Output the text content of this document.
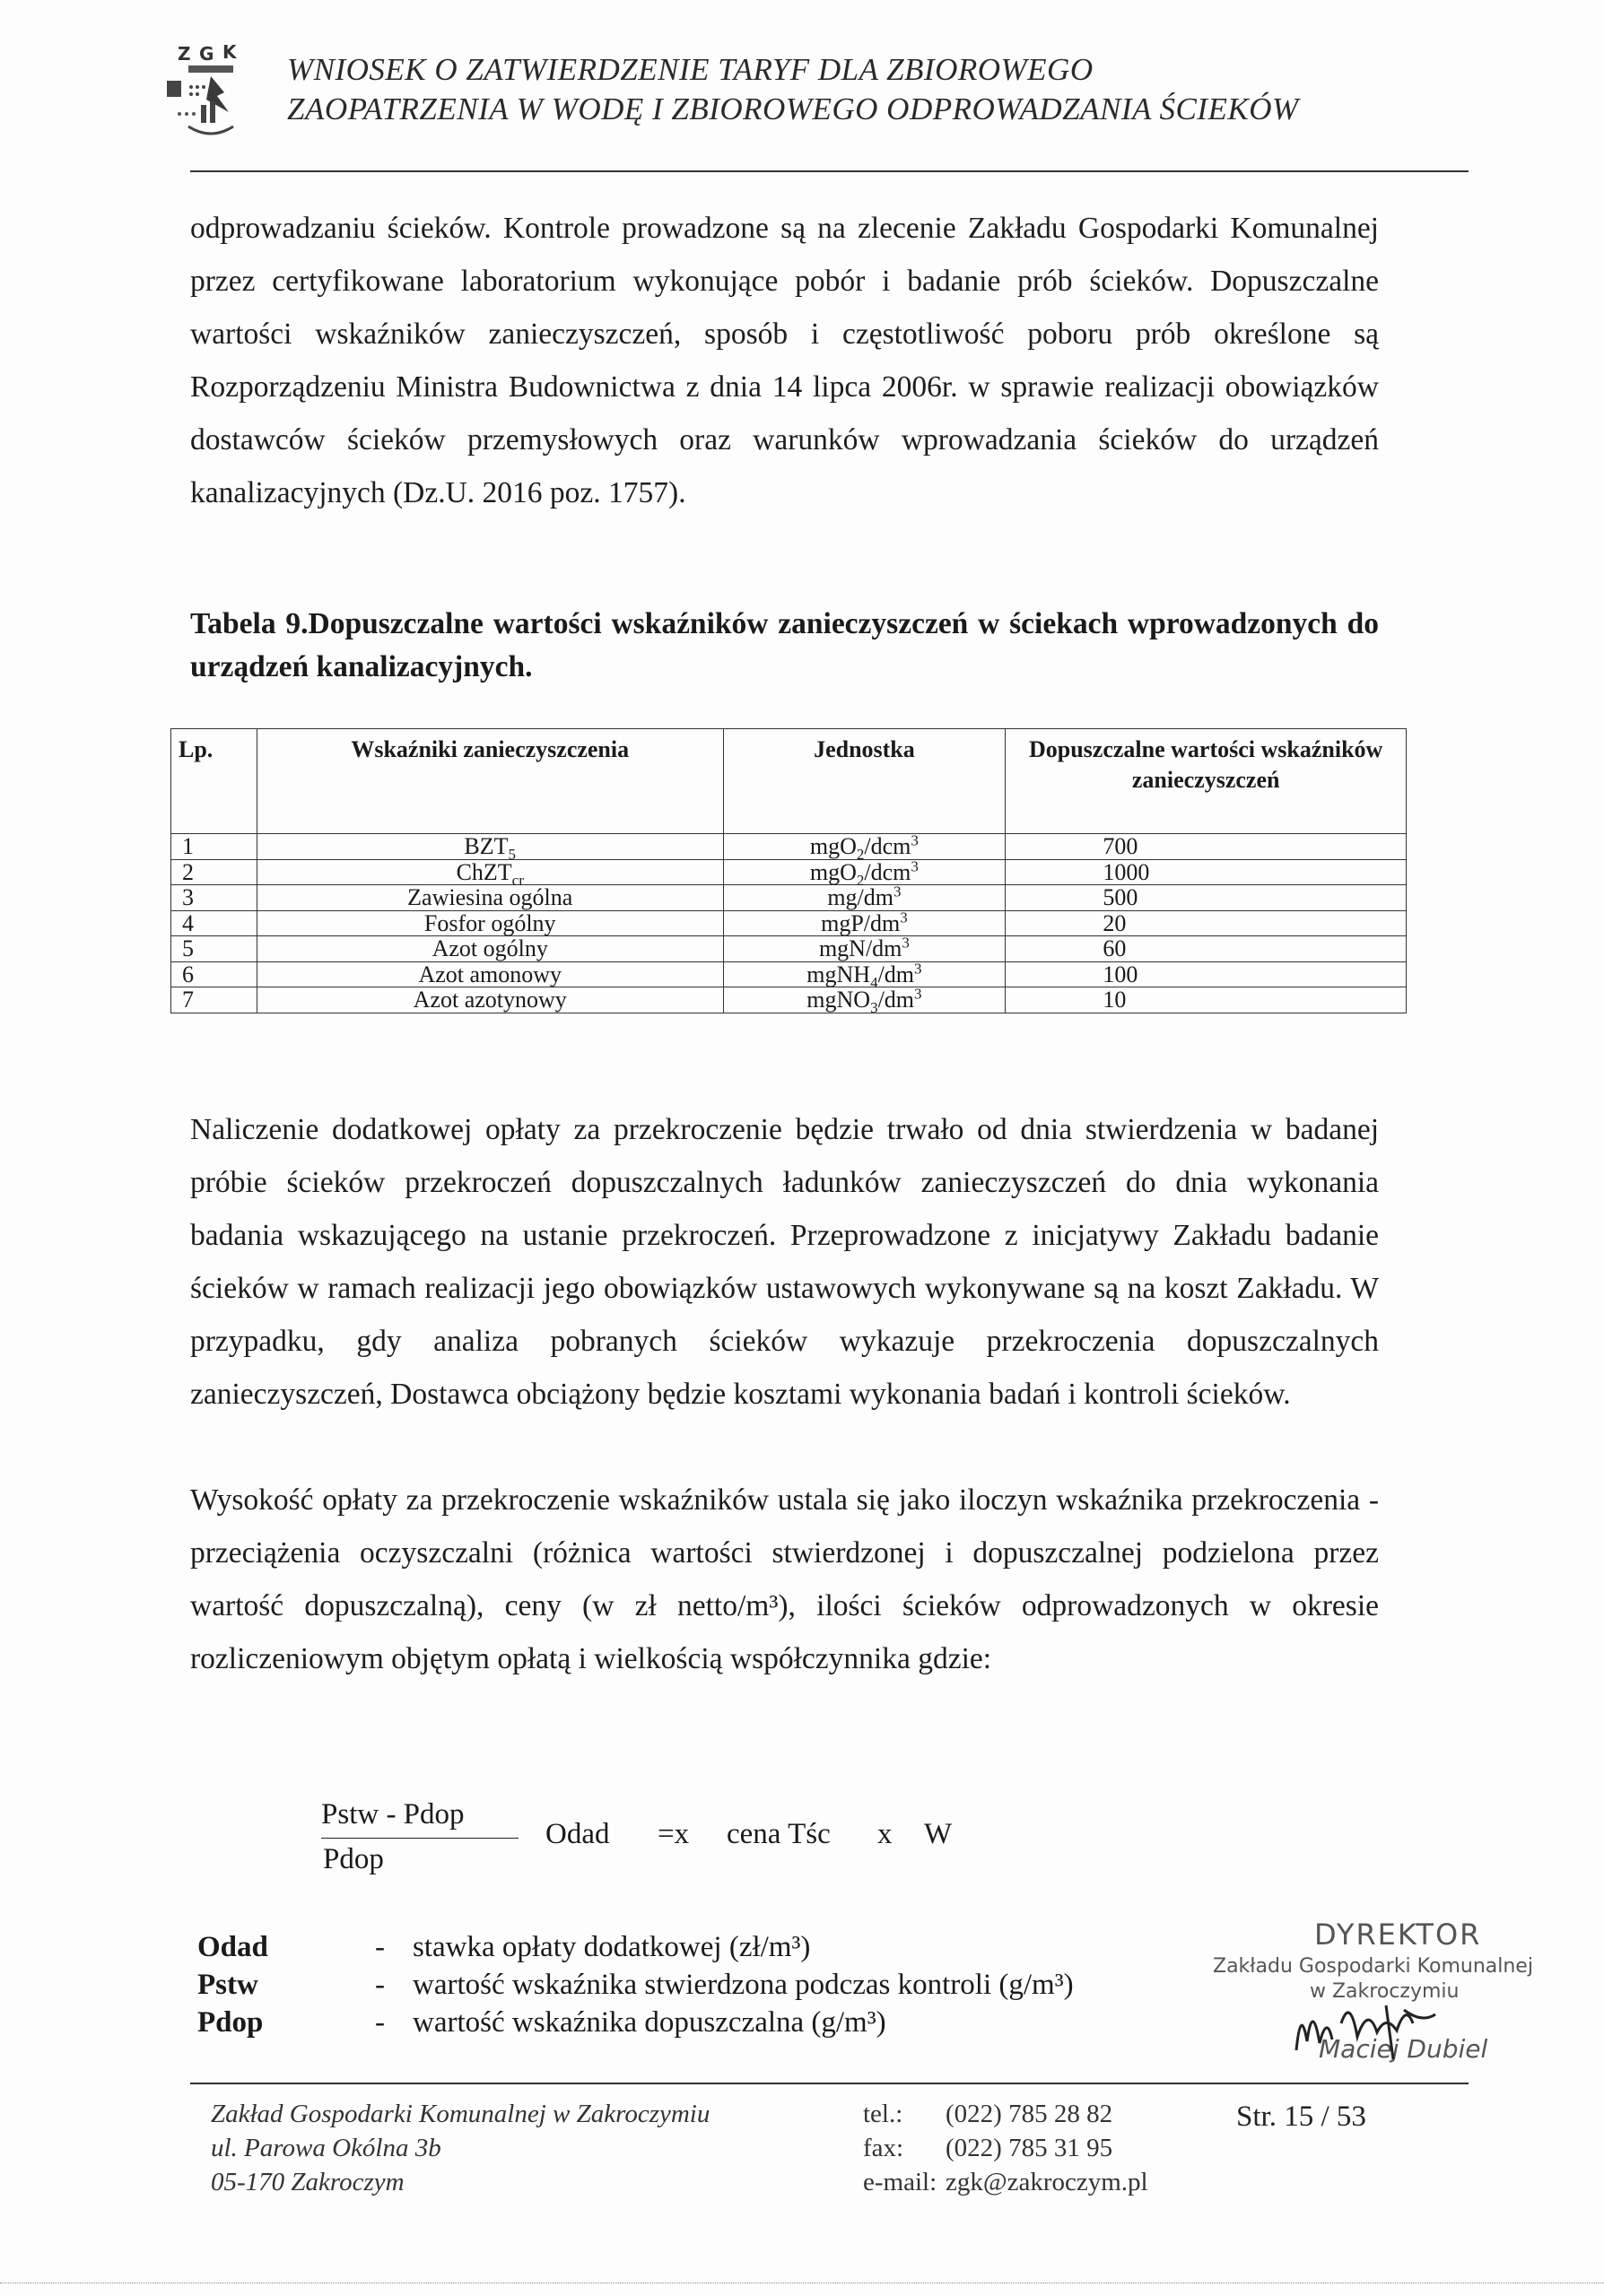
Z G K WNIOSEK O ZATWIERDZENIE TARYF DLA ZBIOROWEGO
ZAOPATRZENIA W WODĘ I ZBIOROWEGO ODPROWADZANIA ŚCIEKÓW
odprowadzaniu ścieków. Kontrole prowadzone są na zlecenie Zakładu Gospodarki Komunalnej przez certyfikowane laboratorium wykonujące pobór i badanie prób ścieków. Dopuszczalne wartości wskaźników zanieczyszczeń, sposób i częstotliwość poboru prób określone są Rozporządzeniu Ministra Budownictwa z dnia 14 lipca 2006r. w sprawie realizacji obowiązków dostawców ścieków przemysłowych oraz warunków wprowadzania ścieków do urządzeń kanalizacyjnych (Dz.U. 2016 poz. 1757).
Tabela 9.Dopuszczalne wartości wskaźników zanieczyszczeń w ściekach wprowadzonych do urządzeń kanalizacyjnych.
Lp.	Wskaźniki zanieczyszczenia	Jednostka	Dopuszczalne wartości wskaźników zanieczyszczeń
1	$BZT_5$	mgO$_2$/dcm$^3$	700
2	ChZT$_{cr}$	mgO$_2$/dcm$^3$	1000
3	Zawiesina ogólna	$mg/dm^3$	500
4	Fosfor ogólny	mgP/$dm^3$	20
5	Azot ogólny	mgN/$dm^3$	60
6	Azot amonowy	$mgNH_4/dm^3$	100
7	Azot azotynowy	$mgNO_3/dm^3$	10
Naliczenie dodatkowej opłaty za przekroczenie będzie trwało od dnia stwierdzenia w badanej próbie ścieków przekroczeń dopuszczalnych ładunków zanieczyszczeń do dnia wykonania badania wskazującego na ustanie przekroczeń. Przeprowadzone z inicjatywy Zakładu badanie ścieków w ramach realizacji jego obowiązków ustawowych wykonywane są na koszt Zakładu. W przypadku, gdy analiza pobranych ścieków wykazuje przekroczenia dopuszczalnych zanieczyszczeń, Dostawca obciążony będzie kosztami wykonania badań i kontroli ścieków.
Wysokość opłaty za przekroczenie wskaźników ustala się jako iloczyn wskaźnika przekroczenia - przeciążenia oczyszczalni (różnica wartości stwierdzonej i dopuszczalnej podzielona przez wartość dopuszczalną), ceny (w zł netto/m³), ilości ścieków odprowadzonych w okresie rozliczeniowym objętym opłatą i wielkością współczynnika gdzie:
Pstw - Pdop
Pdop
Odad =x cena Tśc x W
Odad	- stawka opłaty dodatkowej (zł/m³)
Pstw	- wartość wskaźnika stwierdzona podczas kontroli (g/m³)
Pdop	- wartość wskaźnika dopuszczalna (g/m³)
DYREKTOR
Zakładu Gospodarki Komunalnej
w Zakroczymiu
Maciej Dubiel
Zakład Gospodarki Komunalnej w Zakroczymiu
ul. Parowa Okólna 3b
05-170 Zakroczym
tel.: (022) 785 28 82
fax: (022) 785 31 95
e-mail: zgk@zakroczym.pl
Str. 15 / 53
